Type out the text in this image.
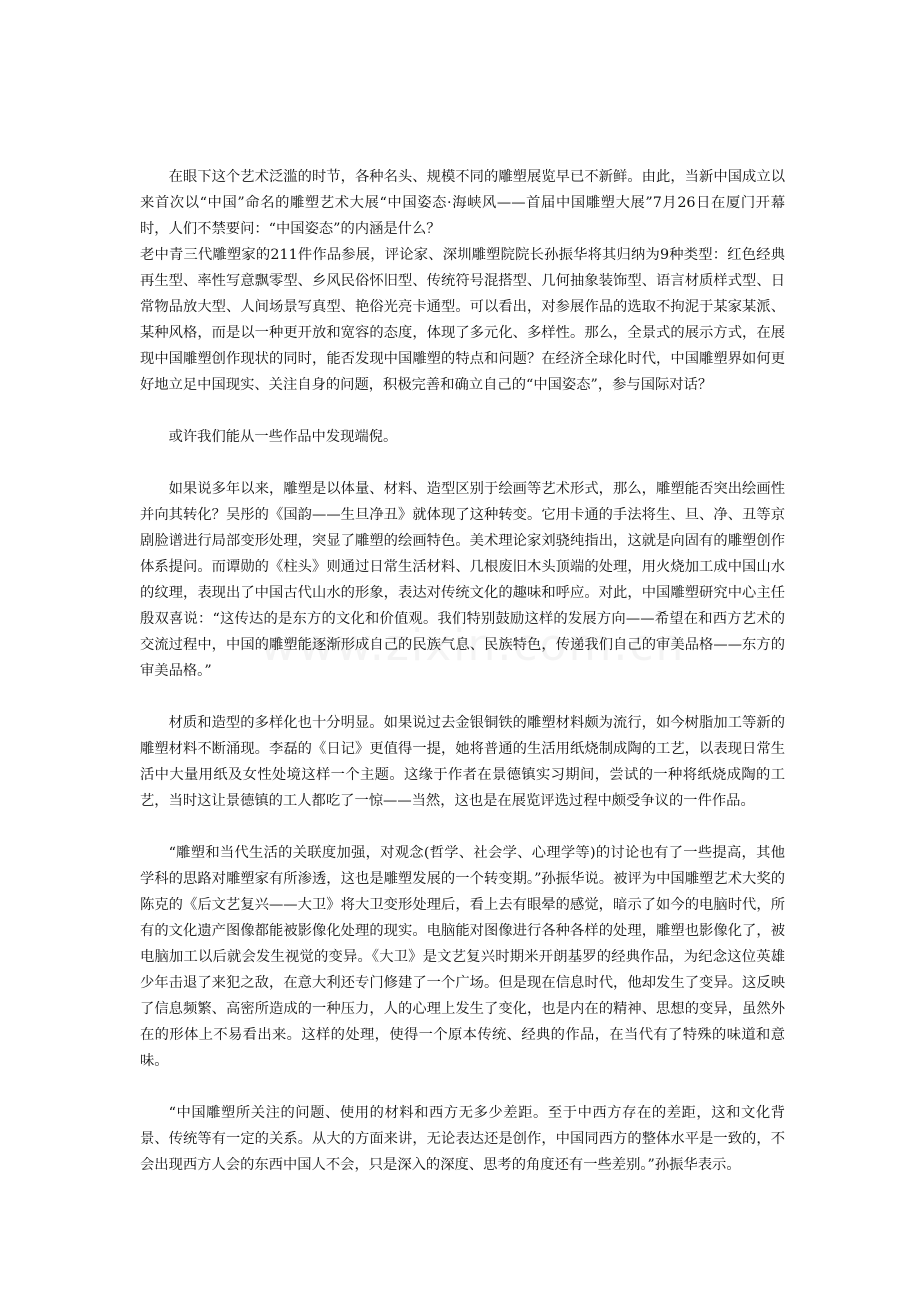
在眼下这个艺术泛滥的时节，各种名头、规模不同的雕塑展览早已不新鲜。由此，当新中国成立以来首次以“中国”命名的雕塑艺术大展“中国姿态·海峡风——首届中国雕塑大展”7月26日在厦门开幕时，人们不禁要问：“中国姿态”的内涵是什么？

老中青三代雕塑家的211件作品参展，评论家、深圳雕塑院院长孙振华将其归纳为9种类型：红色经典再生型、率性写意飘零型、乡风民俗怀旧型、传统符号混搭型、几何抽象装饰型、语言材质样式型、日常物品放大型、人间场景写真型、艳俗光亮卡通型。可以看出，对参展作品的选取不拘泥于某家某派、某种风格，而是以一种更开放和宽容的态度，体现了多元化、多样性。那么，全景式的展示方式，在展现中国雕塑创作现状的同时，能否发现中国雕塑的特点和问题？在经济全球化时代，中国雕塑界如何更好地立足中国现实、关注自身的问题，积极完善和确立自己的“中国姿态”，参与国际对话？

或许我们能从一些作品中发现端倪。

如果说多年以来，雕塑是以体量、材料、造型区别于绘画等艺术形式，那么，雕塑能否突出绘画性并向其转化？吴彤的《国韵——生旦净丑》就体现了这种转变。它用卡通的手法将生、旦、净、丑等京剧脸谱进行局部变形处理，突显了雕塑的绘画特色。美术理论家刘骁纯指出，这就是向固有的雕塑创作体系提问。而谭勋的《柱头》则通过日常生活材料、几根废旧木头顶端的处理，用火烧加工成中国山水的纹理，表现出了中国古代山水的形象，表达对传统文化的趣味和呼应。对此，中国雕塑研究中心主任殷双喜说：“这传达的是东方的文化和价值观。我们特别鼓励这样的发展方向——希望在和西方艺术的交流过程中，中国的雕塑能逐渐形成自己的民族气息、民族特色，传递我们自己的审美品格——东方的审美品格。”

材质和造型的多样化也十分明显。如果说过去金银铜铁的雕塑材料颇为流行，如今树脂加工等新的雕塑材料不断涌现。李磊的《日记》更值得一提，她将普通的生活用纸烧制成陶的工艺，以表现日常生活中大量用纸及女性处境这样一个主题。这缘于作者在景德镇实习期间，尝试的一种将纸烧成陶的工艺，当时这让景德镇的工人都吃了一惊——当然，这也是在展览评选过程中颇受争议的一件作品。

“雕塑和当代生活的关联度加强，对观念(哲学、社会学、心理学等)的讨论也有了一些提高，其他学科的思路对雕塑家有所渗透，这也是雕塑发展的一个转变期。”孙振华说。被评为中国雕塑艺术大奖的陈克的《后文艺复兴——大卫》将大卫变形处理后，看上去有眼晕的感觉，暗示了如今的电脑时代，所有的文化遗产图像都能被影像化处理的现实。电脑能对图像进行各种各样的处理，雕塑也影像化了，被电脑加工以后就会发生视觉的变异。《大卫》是文艺复兴时期米开朗基罗的经典作品，为纪念这位英雄少年击退了来犯之敌，在意大利还专门修建了一个广场。但是现在信息时代，他却发生了变异。这反映了信息频繁、高密所造成的一种压力，人的心理上发生了变化，也是内在的精神、思想的变异，虽然外在的形体上不易看出来。这样的处理，使得一个原本传统、经典的作品，在当代有了特殊的味道和意味。

“中国雕塑所关注的问题、使用的材料和西方无多少差距。至于中西方存在的差距，这和文化背景、传统等有一定的关系。从大的方面来讲，无论表达还是创作，中国同西方的整体水平是一致的，不会出现西方人会的东西中国人不会，只是深入的深度、思考的角度还有一些差别。”孙振华表示。
